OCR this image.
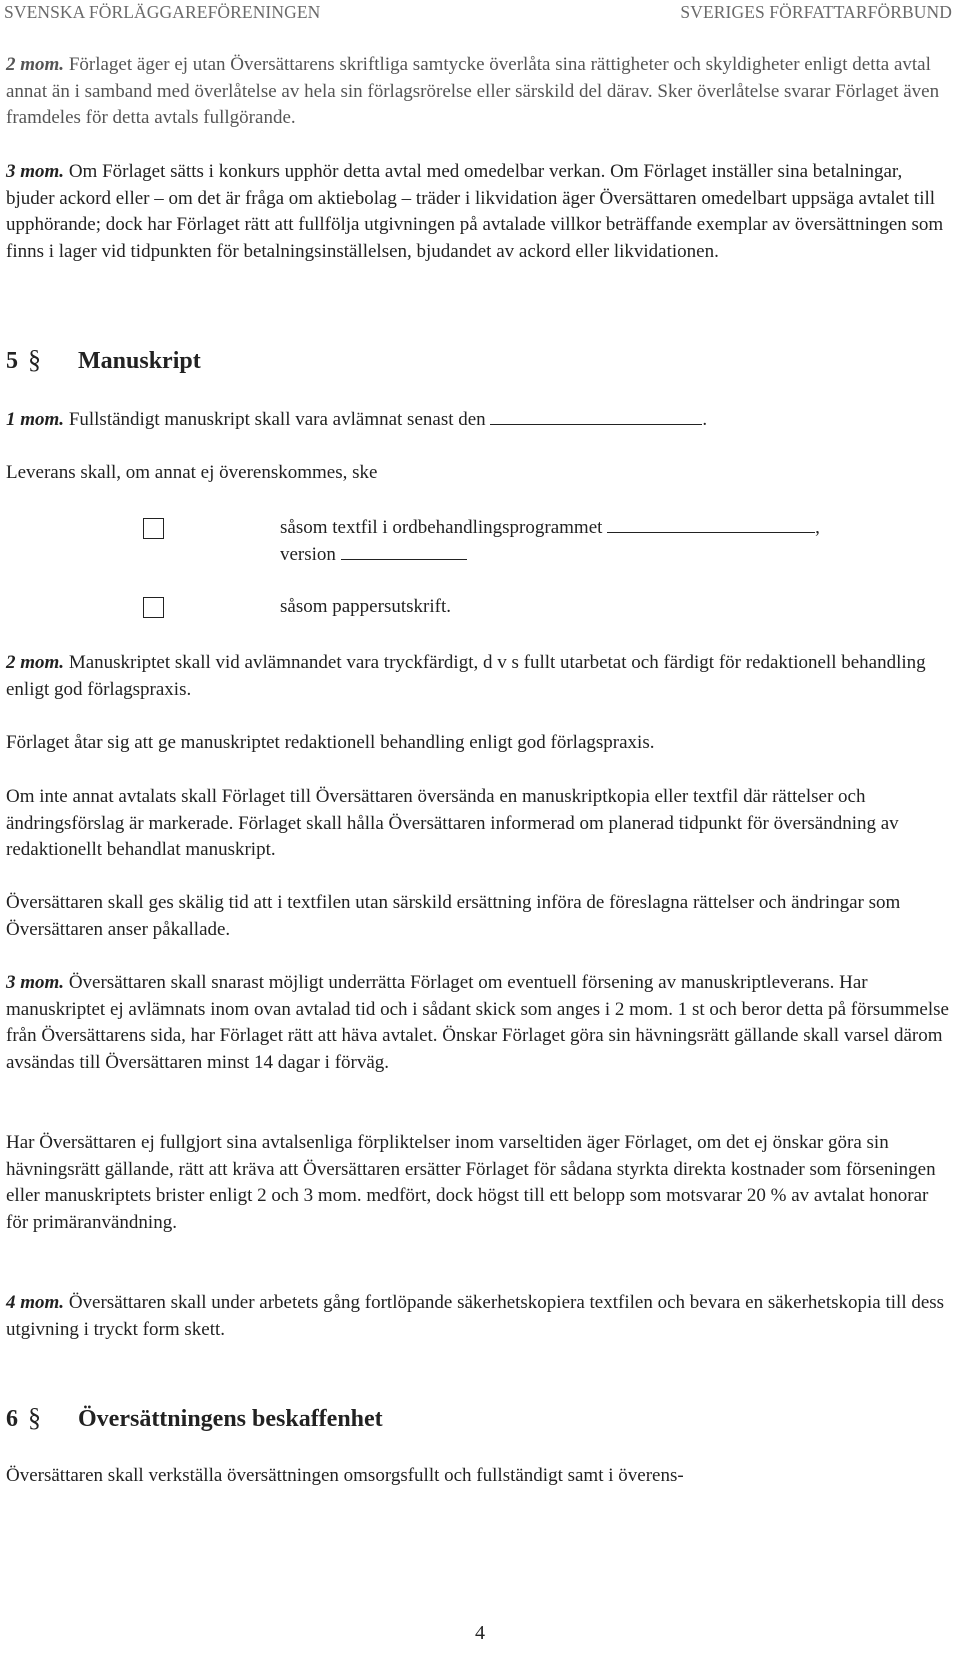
SVENSKA FÖRLÄGGAREFÖRENINGEN	SVERIGES FÖRFATTARFÖRBUND
2 mom. Förlaget äger ej utan Översättarens skriftliga samtycke överlåta sina rättigheter och skyldigheter enligt detta avtal annat än i samband med överlåtelse av hela sin förlagsrörelse eller särskild del därav. Sker överlåtelse svarar Förlaget även framdeles för detta avtals fullgörande.
3 mom. Om Förlaget sätts i konkurs upphör detta avtal med omedelbar verkan. Om Förlaget inställer sina betalningar, bjuder ackord eller – om det är fråga om aktiebolag – träder i likvidation äger Översättaren omedelbart uppsäga avtalet till upphörande; dock har Förlaget rätt att fullfölja utgivningen på avtalade villkor beträffande exemplar av översättningen som finns i lager vid tidpunkten för betalningsinställelsen, bjudandet av ackord eller likvidationen.
5 § Manuskript
1 mom. Fullständigt manuskript skall vara avlämnat senast den	.
Leverans skall, om annat ej överenskommes, ske
såsom textfil i ordbehandlingsprogrammet	,
version
såsom pappersutskrift.
2 mom. Manuskriptet skall vid avlämnandet vara tryckfärdigt, d v s fullt utarbetat och färdigt för redaktionell behandling enligt god förlagspraxis.
Förlaget åtar sig att ge manuskriptet redaktionell behandling enligt god förlagspraxis.
Om inte annat avtalats skall Förlaget till Översättaren översända en manuskriptkopia eller textfil där rättelser och ändringsförslag är markerade. Förlaget skall hålla Översättaren informerad om planerad tidpunkt för översändning av redaktionellt behandlat manuskript.
Översättaren skall ges skälig tid att i textfilen utan särskild ersättning införa de föreslagna rättelser och ändringar som Översättaren anser påkallade.
3 mom. Översättaren skall snarast möjligt underrätta Förlaget om eventuell försening av manuskriptleverans. Har manuskriptet ej avlämnats inom ovan avtalad tid och i sådant skick som anges i 2 mom. 1 st och beror detta på försummelse från Översättarens sida, har Förlaget rätt att häva avtalet. Önskar Förlaget göra sin hävningsrätt gällande skall varsel därom avsändas till Översättaren minst 14 dagar i förväg.
Har Översättaren ej fullgjort sina avtalsenliga förpliktelser inom varseltiden äger Förlaget, om det ej önskar göra sin hävningsrätt gällande, rätt att kräva att Översättaren ersätter Förlaget för sådana styrkta direkta kostnader som förseningen eller manuskriptets brister enligt 2 och 3 mom. medfört, dock högst till ett belopp som motsvarar 20 % av avtalat honorar för primäranvändning.
4 mom. Översättaren skall under arbetets gång fortlöpande säkerhetskopiera textfilen och bevara en säkerhetskopia till dess utgivning i tryckt form skett.
6 § Översättningens beskaffenhet
Översättaren skall verkställa översättningen omsorgsfullt och fullständigt samt i överens-
4
